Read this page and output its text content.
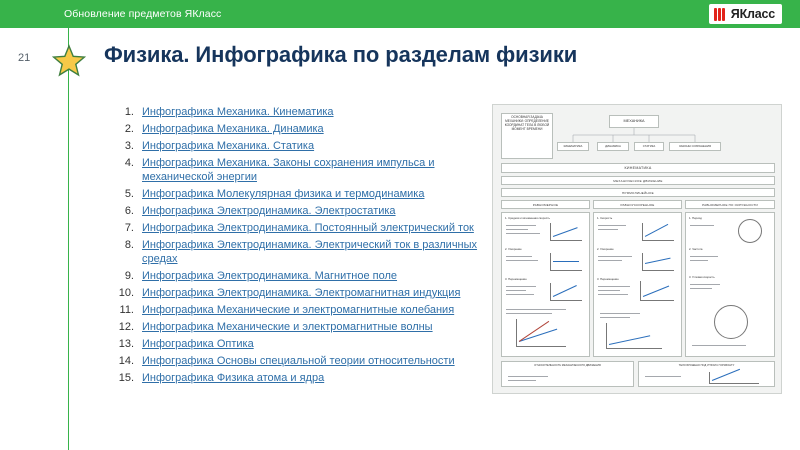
Обновление предметов ЯКласс	ЯКласс
21	Физика. Инфографика по разделам физики
1. Инфографика Механика. Кинематика
2. Инфографика Механика. Динамика
3. Инфографика Механика. Статика
4. Инфографика Механика. Законы сохранения импульса и механической энергии
5. Инфографика Молекулярная физика и термодинамика
6. Инфографика Электродинамика. Электростатика
7. Инфографика Электродинамика. Постоянный электрический ток
8. Инфографика Электродинамика. Электрический ток в различных средах
9. Инфографика Электродинамика. Магнитное поле
10. Инфографика Электродинамика. Электромагнитная индукция
11. Инфографика Механические и электромагнитные колебания
12. Инфографика Механические и электромагнитные волны
13. Инфографика Оптика
14. Инфографика Основы специальной теории относительности
15. Инфографика Физика атома и ядра
ОСНОВНАЯ ЗАДАЧА МЕХАНИКИ: ОПРЕДЕЛЕНИЕ КООРДИНАТ ТЕЛА В ЛЮБОЙ МОМЕНТ ВРЕМЕНИ
МЕХАНИКА
КИНЕМАТИКА	ДИНАМИКА	СТАТИКА	ЗАКОНЫ СОХРАНЕНИЯ
КИНЕМАТИКА
МЕХАНИЧЕСКОЕ ДВИЖЕНИЕ
ПРЯМОЛИНЕЙНОЕ
РАВНОМЕРНОЕ	РАВНОУСКОРЕННОЕ	РАВНОМЕРНОЕ ПО ОКРУЖНОСТИ
1. Средняя и мгновенная скорость
2. Ускорение
3. Перемещение
1. Скорость
2. Ускорение
3. Перемещение
1. Период
2. Частота
3. Угловая скорость
ОТНОСИТЕЛЬНОСТЬ МЕХАНИЧЕСКОГО ДВИЖЕНИЯ	ТЕЛО БРОШЕНО ПОД УГЛОМ К ГОРИЗОНТУ
